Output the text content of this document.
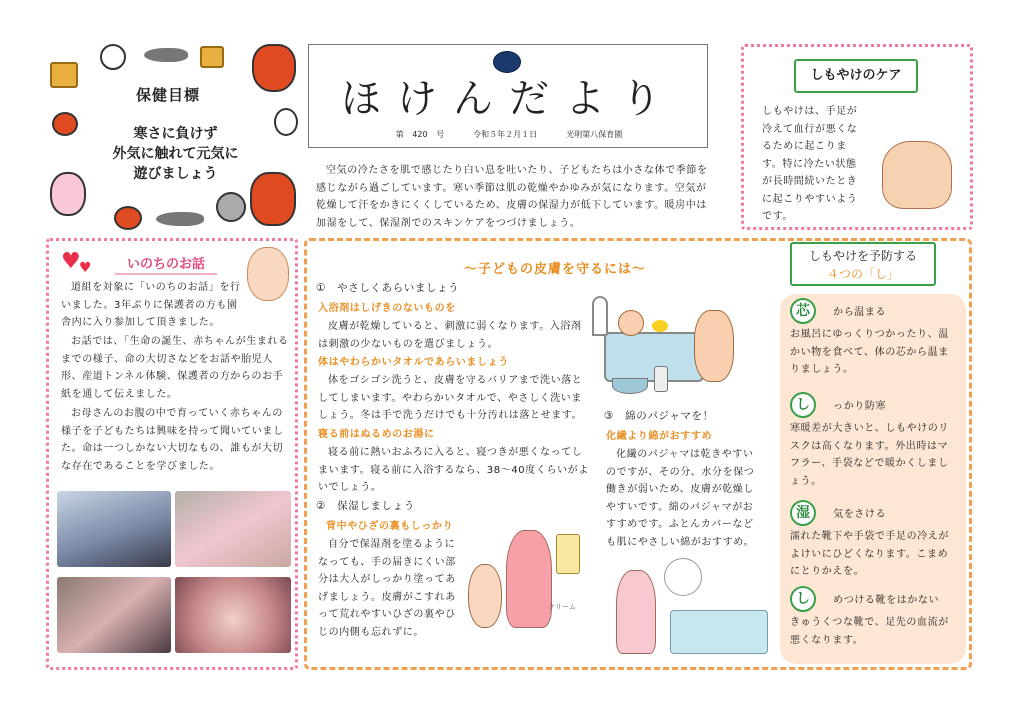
保健目標
寒さに負けず
外気に触れて元気に
遊びましょう
ほけんだより
第 420 号	令和５年２月１日	光明第八保育園

空気の冷たさを肌で感じたり白い息を吐いたり、子どもたちは小さな体で季節を感じながら過ごしています。寒い季節は肌の乾燥やかゆみが気になります。空気が乾燥して汗をかきにくくしているため、皮膚の保湿力が低下しています。暖房中は加湿をして、保湿剤でのスキンケアをつづけましょう。

しもやけのケア

しもやけは、手足が冷えて血行が悪くなるために起こります。特に冷たい状態が長時間続いたときに起こりやすいようです。

♥
♥	いのちのお話

道組を対象に「いのちのお話」を行いました。3年ぶりに保護者の方も園舎内に入り参加して頂きました。

お話では、｢生命の誕生、赤ちゃんが生まれるまでの様子、命の大切さなどをお話や胎児人形、産道トンネル体験、保護者の方からのお手紙を通して伝えました。

お母さんのお腹の中で育っていく赤ちゃんの様子を子どもたちは興味を持って聞いていました。命は一つしかない大切なもの、誰もが大切な存在であることを学びました。

～子どもの皮膚を守るには～
①　やさしくあらいましょう
入浴剤はしげきのないものを

皮膚が乾燥していると、刺激に弱くなります。入浴剤は刺激の少ないものを選びましょう。

体はやわらかいタオルであらいましょう

体をゴシゴシ洗うと、皮膚を守るバリアまで洗い落としてしまいます。やわらかいタオルで、やさしく洗いましょう。冬は手で洗うだけでも十分汚れは落とせます。

寝る前はぬるめのお湯に

寝る前に熱いおふろに入ると、寝つきが悪くなってしまいます。寝る前に入浴するなら、38～40度くらいがよいでしょう。

②　保湿しましょう
背中やひざの裏もしっかり

自分で保湿剤を塗るようになっても、手の届きにくい部分は大人がしっかり塗ってあげましょう。皮膚がこすれあって荒れやすいひざの裏やひじの内側も忘れずに。

③　綿のパジャマを！
化繊より綿がおすすめ

化繊のパジャマは乾きやすいのですが、その分、水分を保つ働きが弱いため、皮膚が乾燥しやすいです。綿のパジャマがおすすめです。ふとんカバーなども肌にやさしい綿がおすすめ。

クリーム
しもやけを予防する
４つの「し」
芯 から温まる

お風呂にゆっくりつかったり、温かい物を食べて、体の芯から温まりましょう。

し っかり防寒

寒暖差が大きいと、しもやけのリスクは高くなります。外出時はマフラー、手袋などで暖かくしましょう。

湿 気をさける

濡れた靴下や手袋で手足の冷えがよけいにひどくなります。こまめにとりかえを。

し めつける靴をはかない

きゅうくつな靴で、足先の血流が悪くなります。
